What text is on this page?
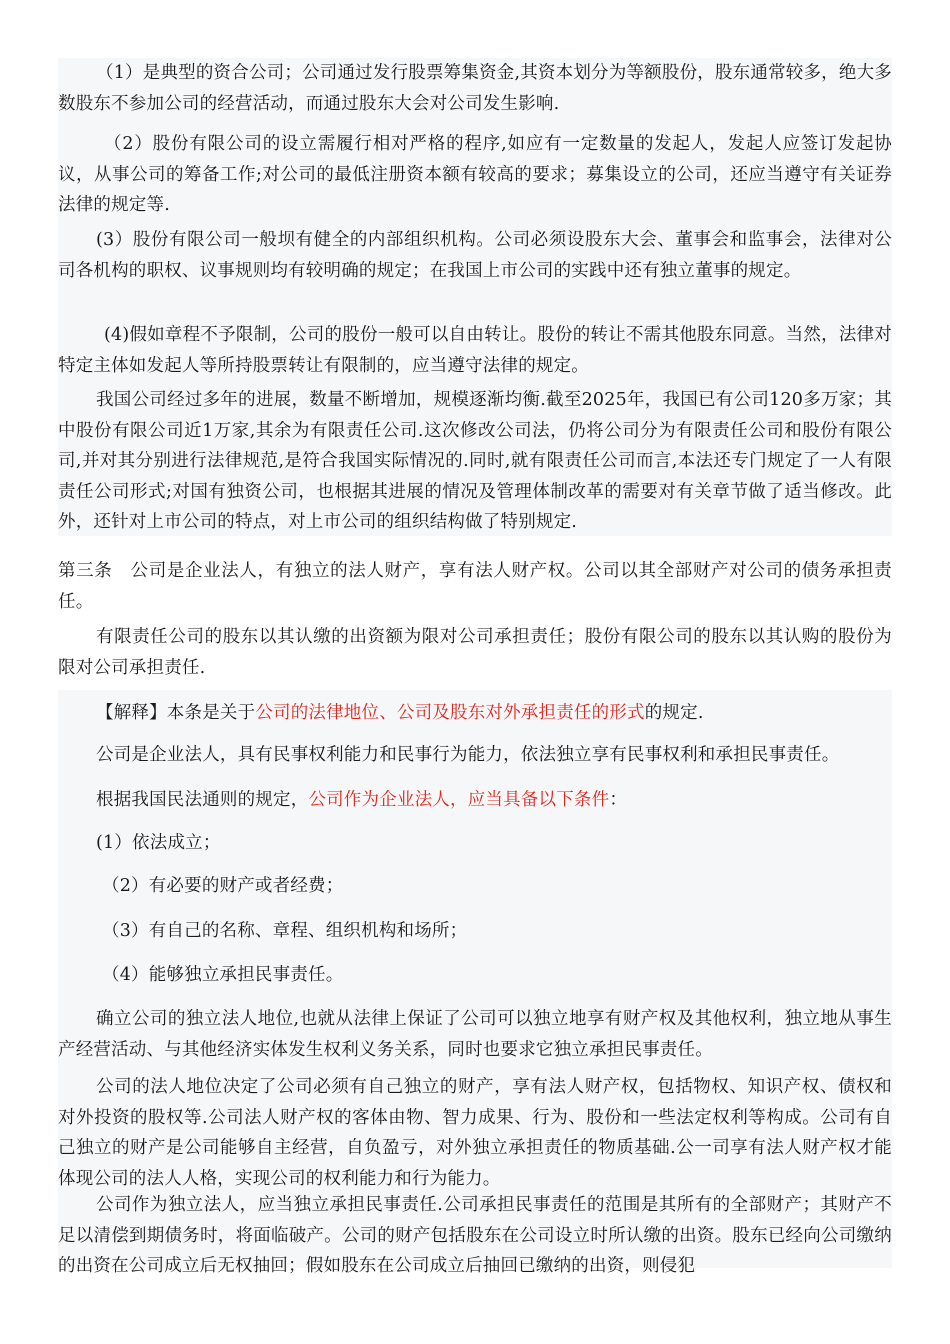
（1）是典型的资合公司；公司通过发行股票筹集资金,其资本划分为等额股份，股东通常较多，绝大多数股东不参加公司的经营活动，而通过股东大会对公司发生影响.

（2）股份有限公司的设立需履行相对严格的程序,如应有一定数量的发起人，发起人应签订发起协议，从事公司的筹备工作;对公司的最低注册资本额有较高的要求；募集设立的公司，还应当遵守有关证券法律的规定等.

(3）股份有限公司一般坝有健全的内部组织机构。公司必须设股东大会、董事会和监事会，法律对公司各机构的职权、议事规则均有较明确的规定；在我国上市公司的实践中还有独立董事的规定。

(4)假如章程不予限制，公司的股份一般可以自由转让。股份的转让不需其他股东同意。当然，法律对特定主体如发起人等所持股票转让有限制的，应当遵守法律的规定。

我国公司经过多年的进展，数量不断增加，规模逐渐均衡.截至2025年，我国已有公司120多万家；其中股份有限公司近1万家,其余为有限责任公司.这次修改公司法，仍将公司分为有限责任公司和股份有限公司,并对其分别进行法律规范,是符合我国实际情况的.同时,就有限责任公司而言,本法还专门规定了一人有限责任公司形式;对国有独资公司，也根据其进展的情况及管理体制改革的需要对有关章节做了适当修改。此外，还针对上市公司的特点，对上市公司的组织结构做了特别规定.

第三条　公司是企业法人，有独立的法人财产，享有法人财产权。公司以其全部财产对公司的债务承担责任。

有限责任公司的股东以其认缴的出资额为限对公司承担责任；股份有限公司的股东以其认购的股份为限对公司承担责任.

【解释】本条是关于公司的法律地位、公司及股东对外承担责任的形式的规定.

公司是企业法人，具有民事权利能力和民事行为能力，依法独立享有民事权利和承担民事责任。

根据我国民法通则的规定，公司作为企业法人，应当具备以下条件：

(1）依法成立；

（2）有必要的财产或者经费；

（3）有自己的名称、章程、组织机构和场所；

（4）能够独立承担民事责任。

确立公司的独立法人地位,也就从法律上保证了公司可以独立地享有财产权及其他权利，独立地从事生产经营活动、与其他经济实体发生权利义务关系，同时也要求它独立承担民事责任。

公司的法人地位决定了公司必须有自己独立的财产，享有法人财产权，包括物权、知识产权、债权和对外投资的股权等.公司法人财产权的客体由物、智力成果、行为、股份和一些法定权利等构成。公司有自己独立的财产是公司能够自主经营，自负盈亏，对外独立承担责任的物质基础.公一司享有法人财产权才能体现公司的法人人格，实现公司的权利能力和行为能力。

公司作为独立法人，应当独立承担民事责任.公司承担民事责任的范围是其所有的全部财产；其财产不足以清偿到期债务时，将面临破产。公司的财产包括股东在公司设立时所认缴的出资。股东已经向公司缴纳的出资在公司成立后无权抽回；假如股东在公司成立后抽回已缴纳的出资，则侵犯
